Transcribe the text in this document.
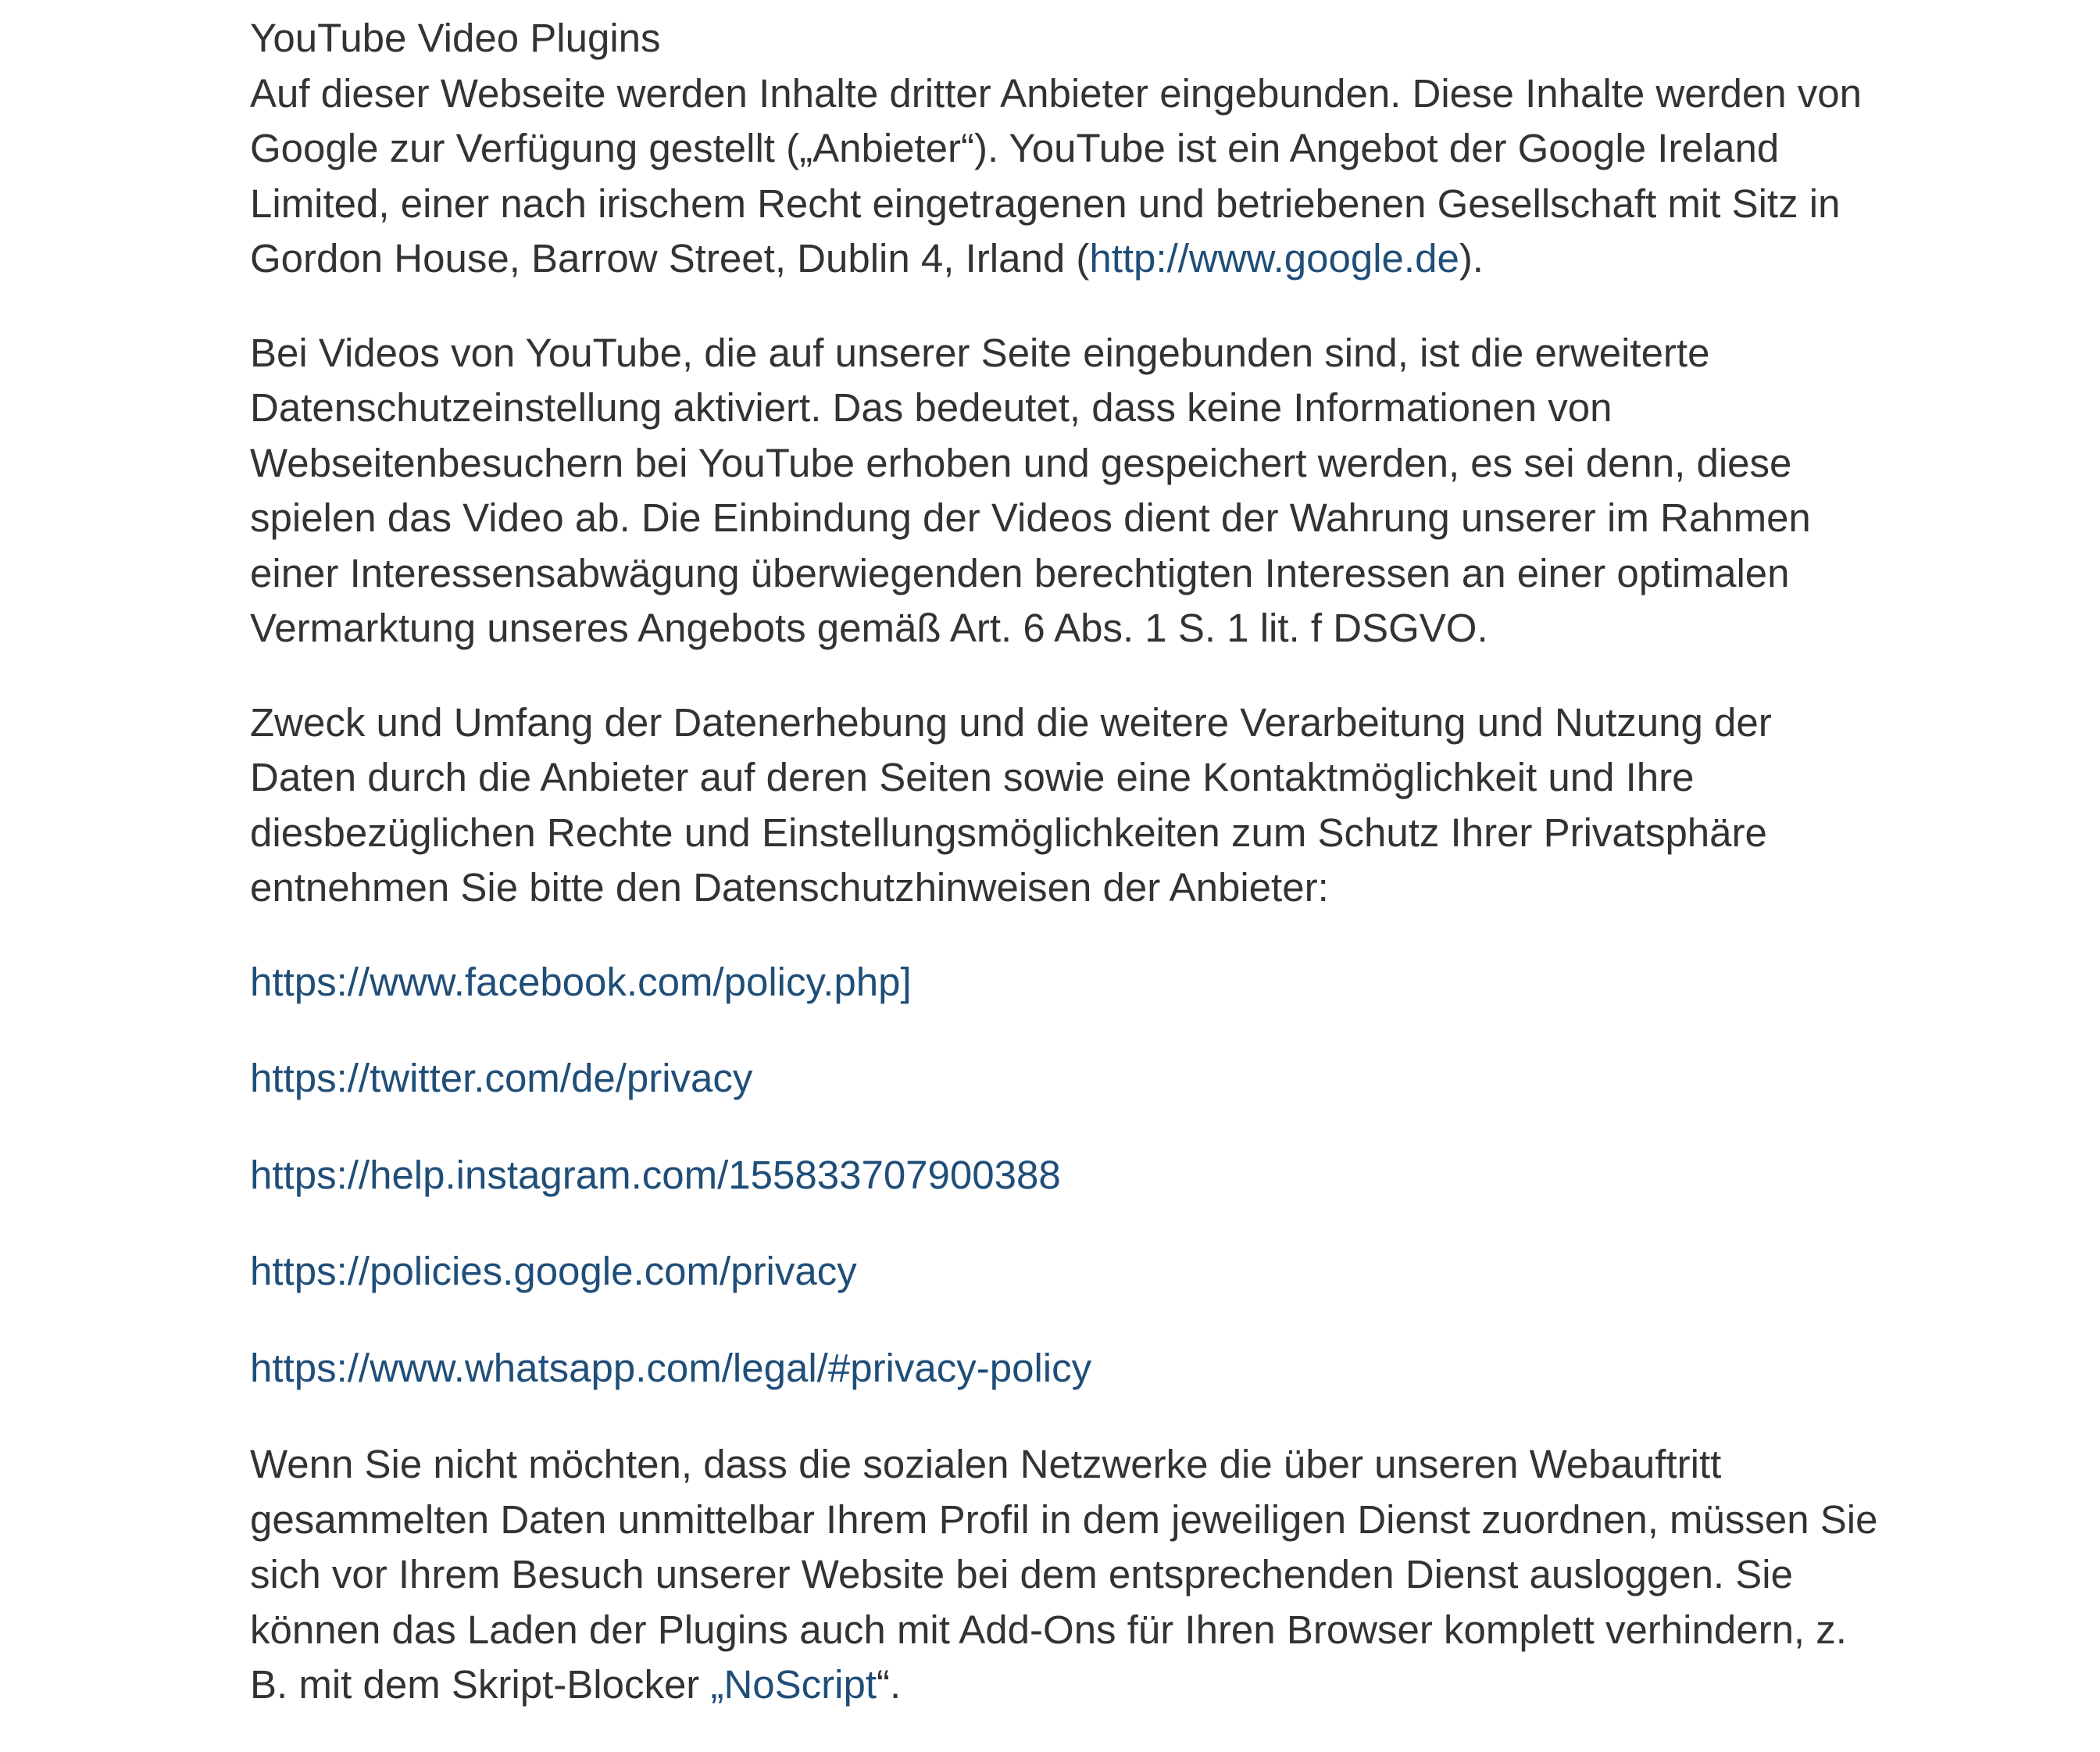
YouTube Video Plugins

Auf dieser Webseite werden Inhalte dritter Anbieter eingebunden. Diese Inhalte werden von Google zur Verfügung gestellt („Anbieter“). YouTube ist ein Angebot der Google Ireland Limited, einer nach irischem Recht eingetragenen und betriebenen Gesellschaft mit Sitz in Gordon House, Barrow Street, Dublin 4, Irland (http://www.google.de).

Bei Videos von YouTube, die auf unserer Seite eingebunden sind, ist die erweiterte Datenschutzeinstellung aktiviert. Das bedeutet, dass keine Informationen von Webseitenbesuchern bei YouTube erhoben und gespeichert werden, es sei denn, diese spielen das Video ab. Die Einbindung der Videos dient der Wahrung unserer im Rahmen einer Interessensabwägung überwiegenden berechtigten Interessen an einer optimalen Vermarktung unseres Angebots gemäß Art. 6 Abs. 1 S. 1 lit. f DSGVO.

Zweck und Umfang der Datenerhebung und die weitere Verarbeitung und Nutzung der Daten durch die Anbieter auf deren Seiten sowie eine Kontaktmöglichkeit und Ihre diesbezüglichen Rechte und Einstellungsmöglichkeiten zum Schutz Ihrer Privatsphäre entnehmen Sie bitte den Datenschutzhinweisen der Anbieter:

https://www.facebook.com/policy.php]

https://twitter.com/de/privacy

https://help.instagram.com/155833707900388

https://policies.google.com/privacy

https://www.whatsapp.com/legal/#privacy-policy

Wenn Sie nicht möchten, dass die sozialen Netzwerke die über unseren Webauftritt gesammelten Daten unmittelbar Ihrem Profil in dem jeweiligen Dienst zuordnen, müssen Sie sich vor Ihrem Besuch unserer Website bei dem entsprechenden Dienst ausloggen. Sie können das Laden der Plugins auch mit Add-Ons für Ihren Browser komplett verhindern, z. B. mit dem Skript-Blocker „NoScript“.
